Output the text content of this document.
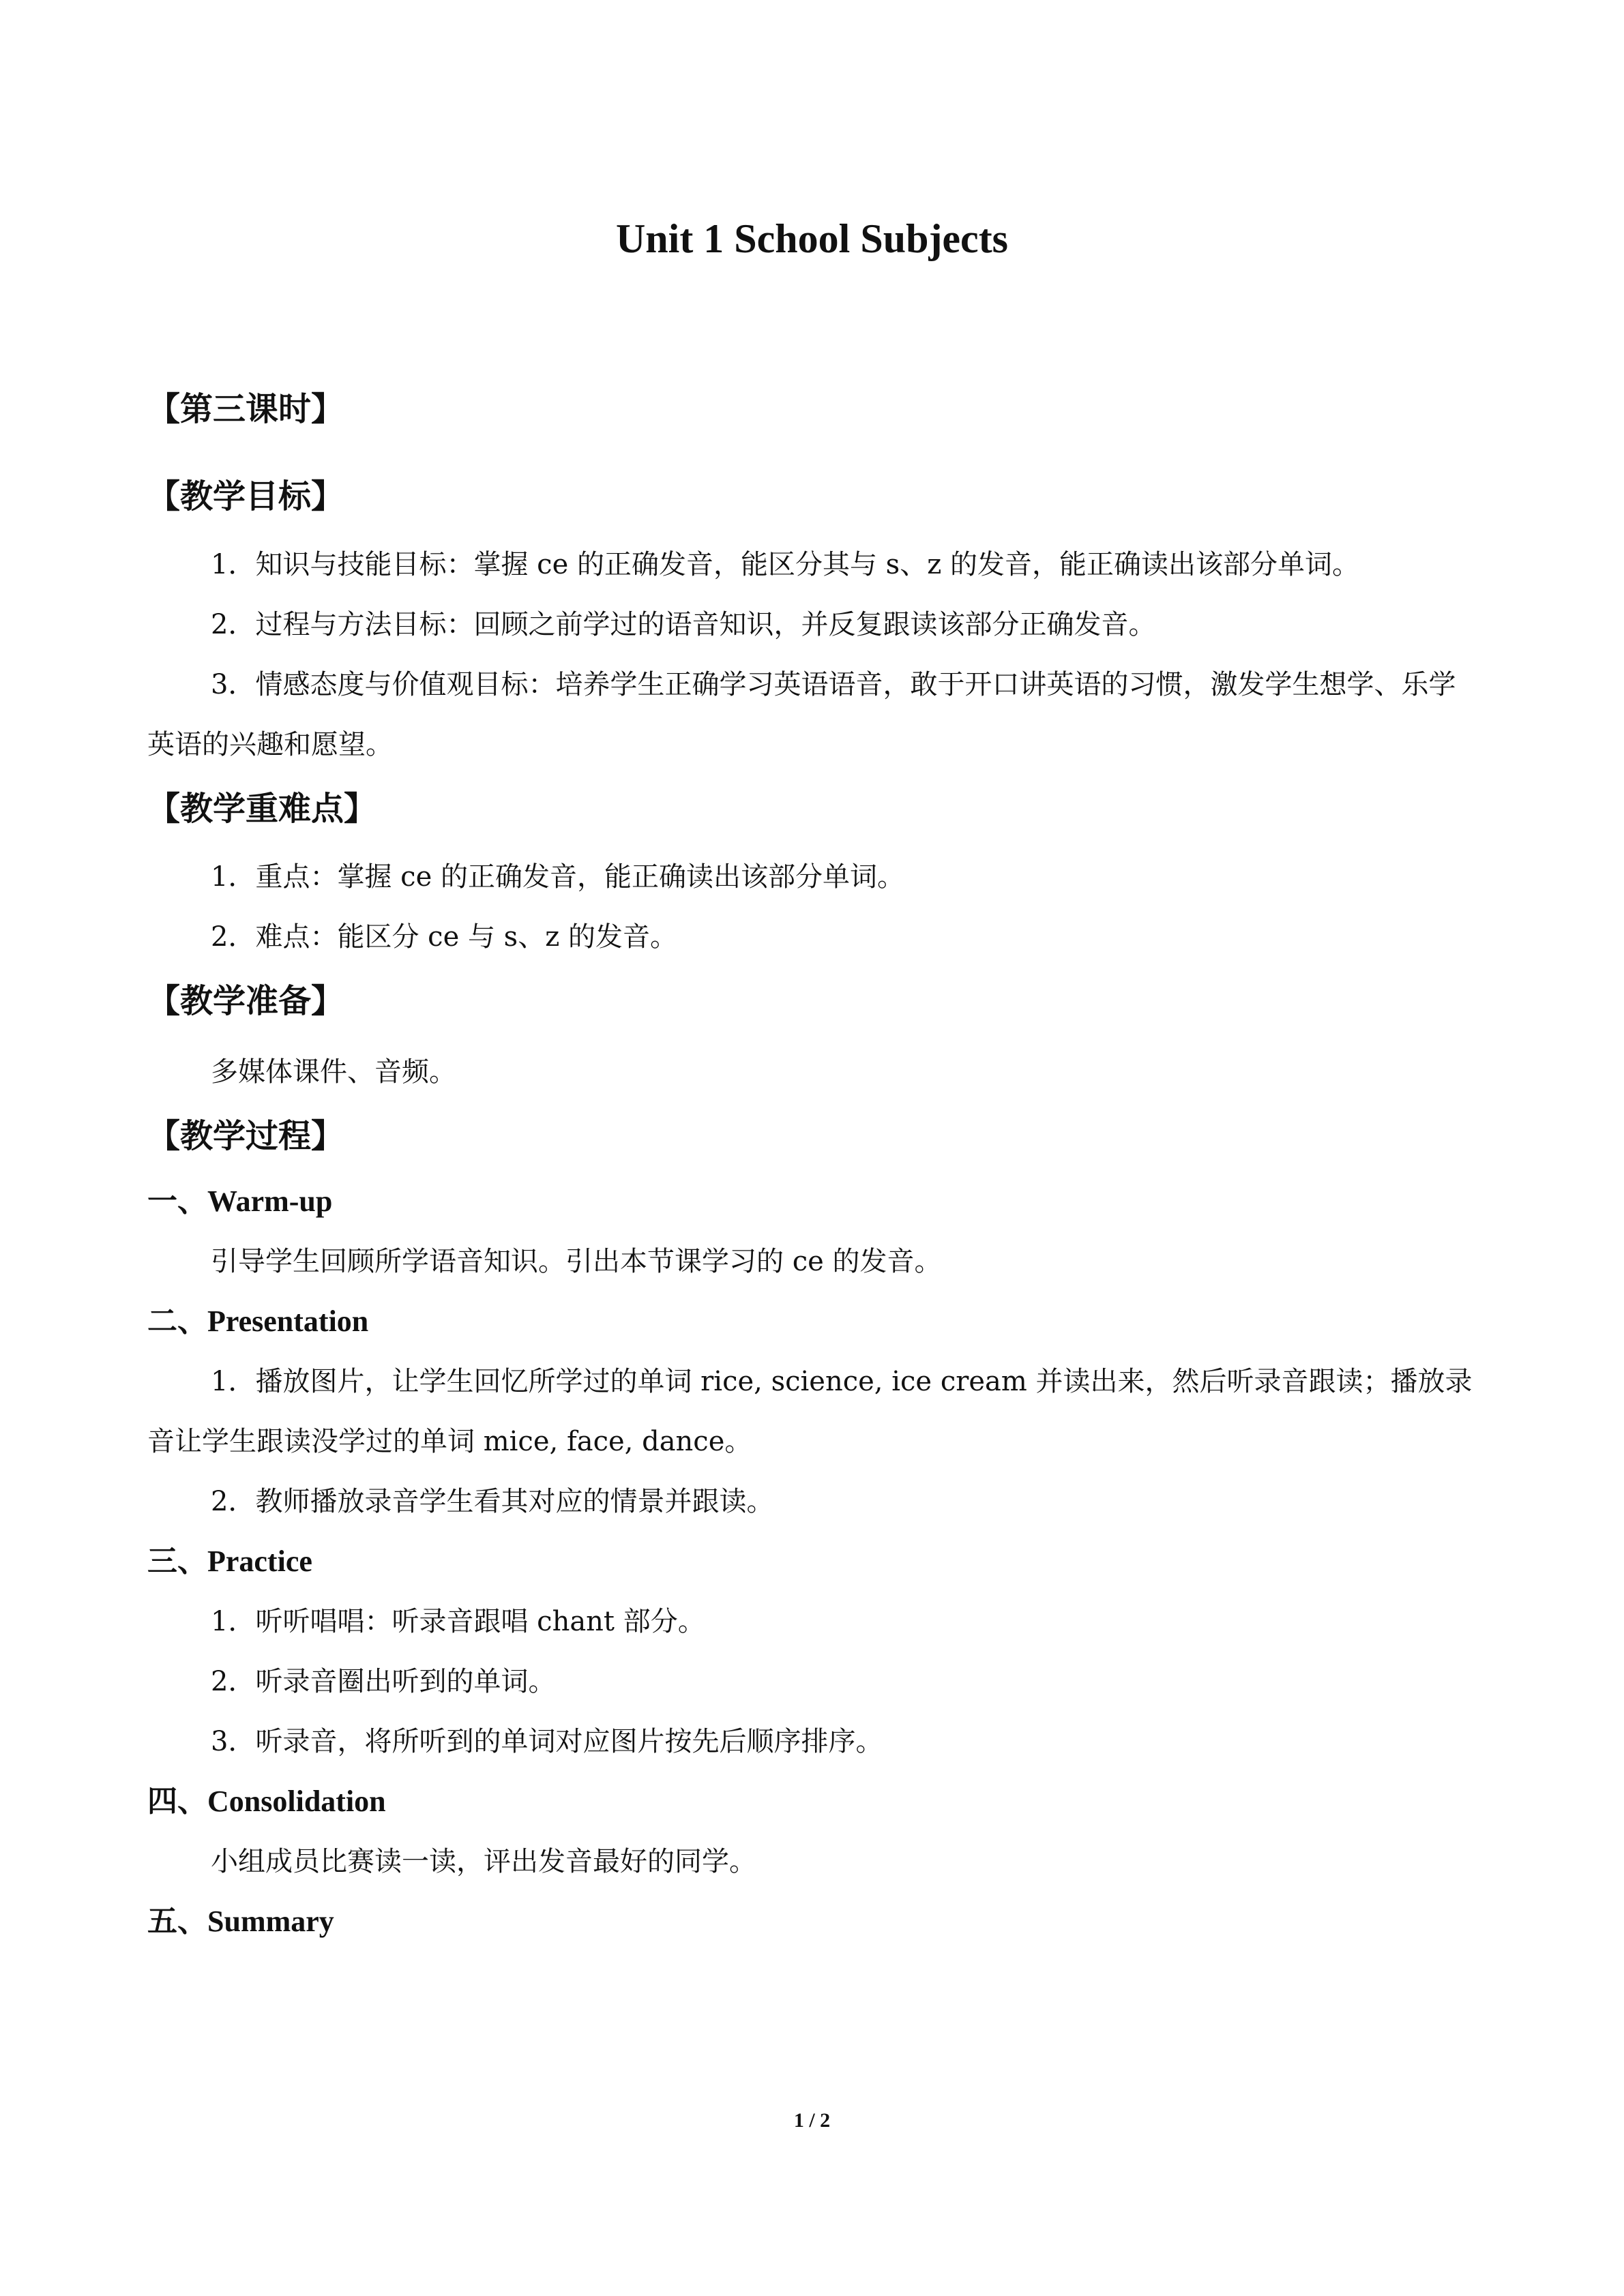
Unit 1 School Subjects
【第三课时】
【教学目标】

1．知识与技能目标：掌握 ce 的正确发音，能区分其与 s、z 的发音，能正确读出该部分单词。

2．过程与方法目标：回顾之前学过的语音知识，并反复跟读该部分正确发音。

3．情感态度与价值观目标：培养学生正确学习英语语音，敢于开口讲英语的习惯，激发学生想学、乐学英语的兴趣和愿望。

【教学重难点】

1．重点：掌握 ce 的正确发音，能正确读出该部分单词。

2．难点：能区分 ce 与 s、z 的发音。

【教学准备】

多媒体课件、音频。

【教学过程】
一、Warm-up

引导学生回顾所学语音知识。引出本节课学习的 ce 的发音。

二、Presentation

1．播放图片，让学生回忆所学过的单词 rice, science, ice cream 并读出来，然后听录音跟读；播放录音让学生跟读没学过的单词 mice, face, dance。

2．教师播放录音学生看其对应的情景并跟读。

三、Practice

1．听听唱唱：听录音跟唱 chant 部分。

2．听录音圈出听到的单词。

3．听录音，将所听到的单词对应图片按先后顺序排序。

四、Consolidation

小组成员比赛读一读，评出发音最好的同学。

五、Summary
1 / 2
